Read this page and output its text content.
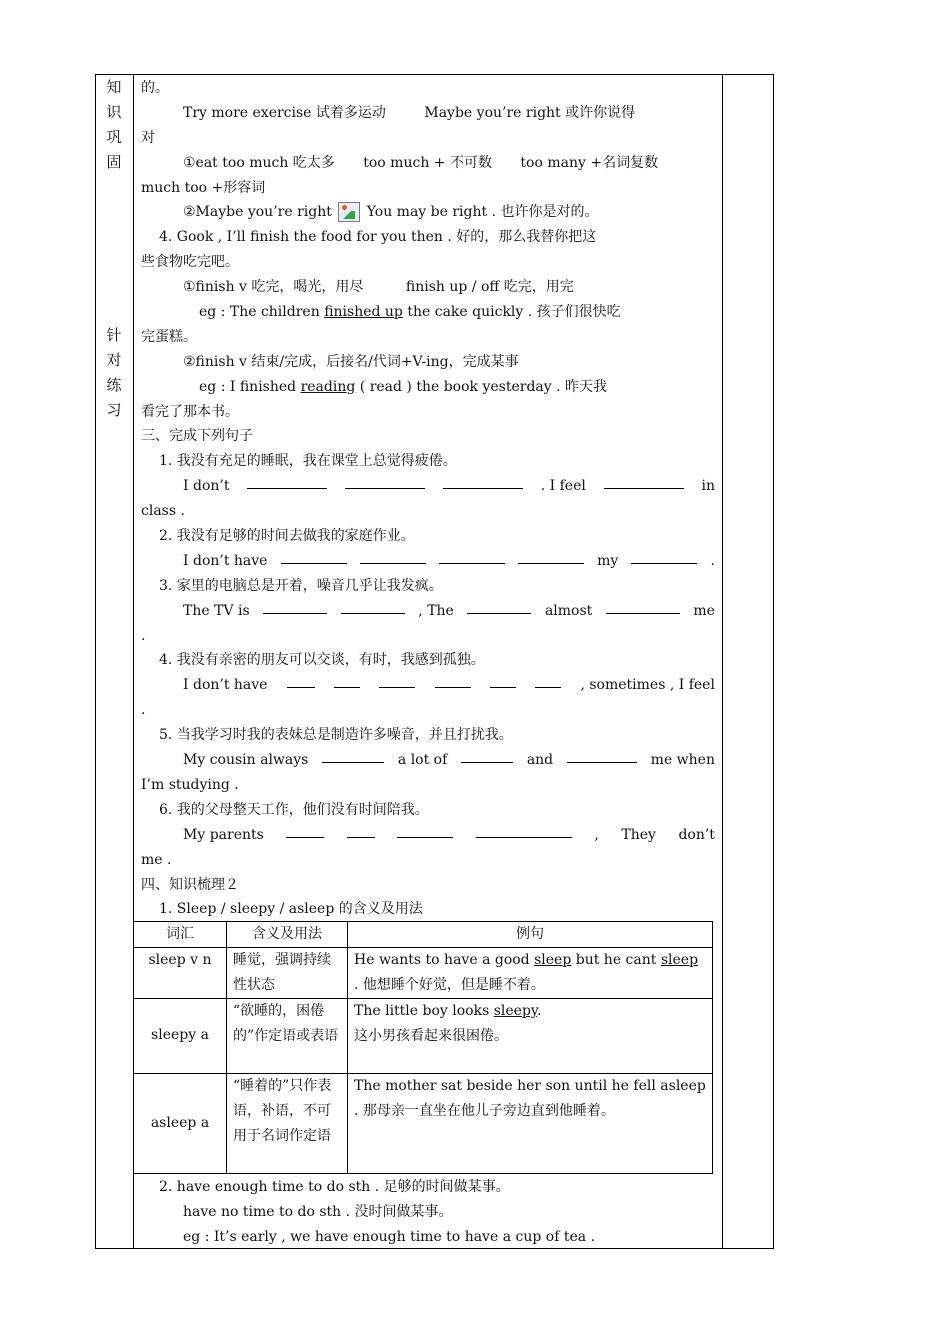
知
识
巩
固
针
对
练
习
的。
Try more exercise 试着多运动	Maybe you’re right 或许你说得
对
①eat too much 吃太多 too much + 不可数 too many +名词复数
much too +形容词
②Maybe you’re right You may be right . 也许你是对的。
4. Gook , I’ll finish the food for you then . 好的，那么我替你把这
些食物吃完吧。
①finish v 吃完，喝光，用尽	finish up / off 吃完，用完
eg : The children finished up the cake quickly . 孩子们很快吃
完蛋糕。
②finish v 结束/完成，后接名/代词+V-ing，完成某事
eg : I finished reading ( read ) the book yesterday . 昨天我
看完了那本书。
三、完成下列句子
1. 我没有充足的睡眠，我在课堂上总觉得疲倦。
I don’t	. I feel	in
class .
2. 我没有足够的时间去做我的家庭作业。
I don’t have	my	.
3. 家里的电脑总是开着，噪音几乎让我发疯。
The TV is	, The	almost	me
.
4. 我没有亲密的朋友可以交谈，有时，我感到孤独。
I don’t have	, sometimes , I feel
.
5. 当我学习时我的表妹总是制造许多噪音，并且打扰我。
My cousin always	a lot of	and	me when
I’m studying .
6. 我的父母整天工作，他们没有时间陪我。
My parents	, They don’t
me .
四、知识梳理２
1. Sleep / sleepy / asleep 的含义及用法
词汇	含义及用法	例句
sleep v n	睡觉，强调持续性状态	He wants to have a good sleep but he cant sleep . 他想睡个好觉，但是睡不着。
sleepy a	“欲睡的，困倦的”作定语或表语	The little boy looks sleepy.
这小男孩看起来很困倦。
asleep a	“睡着的”只作表语，补语，不可用于名词作定语	The mother sat beside her son until he fell asleep . 那母亲一直坐在他儿子旁边直到他睡着。
2. have enough time to do sth . 足够的时间做某事。
have no time to do sth . 没时间做某事。
eg : It’s early , we have enough time to have a cup of tea .
